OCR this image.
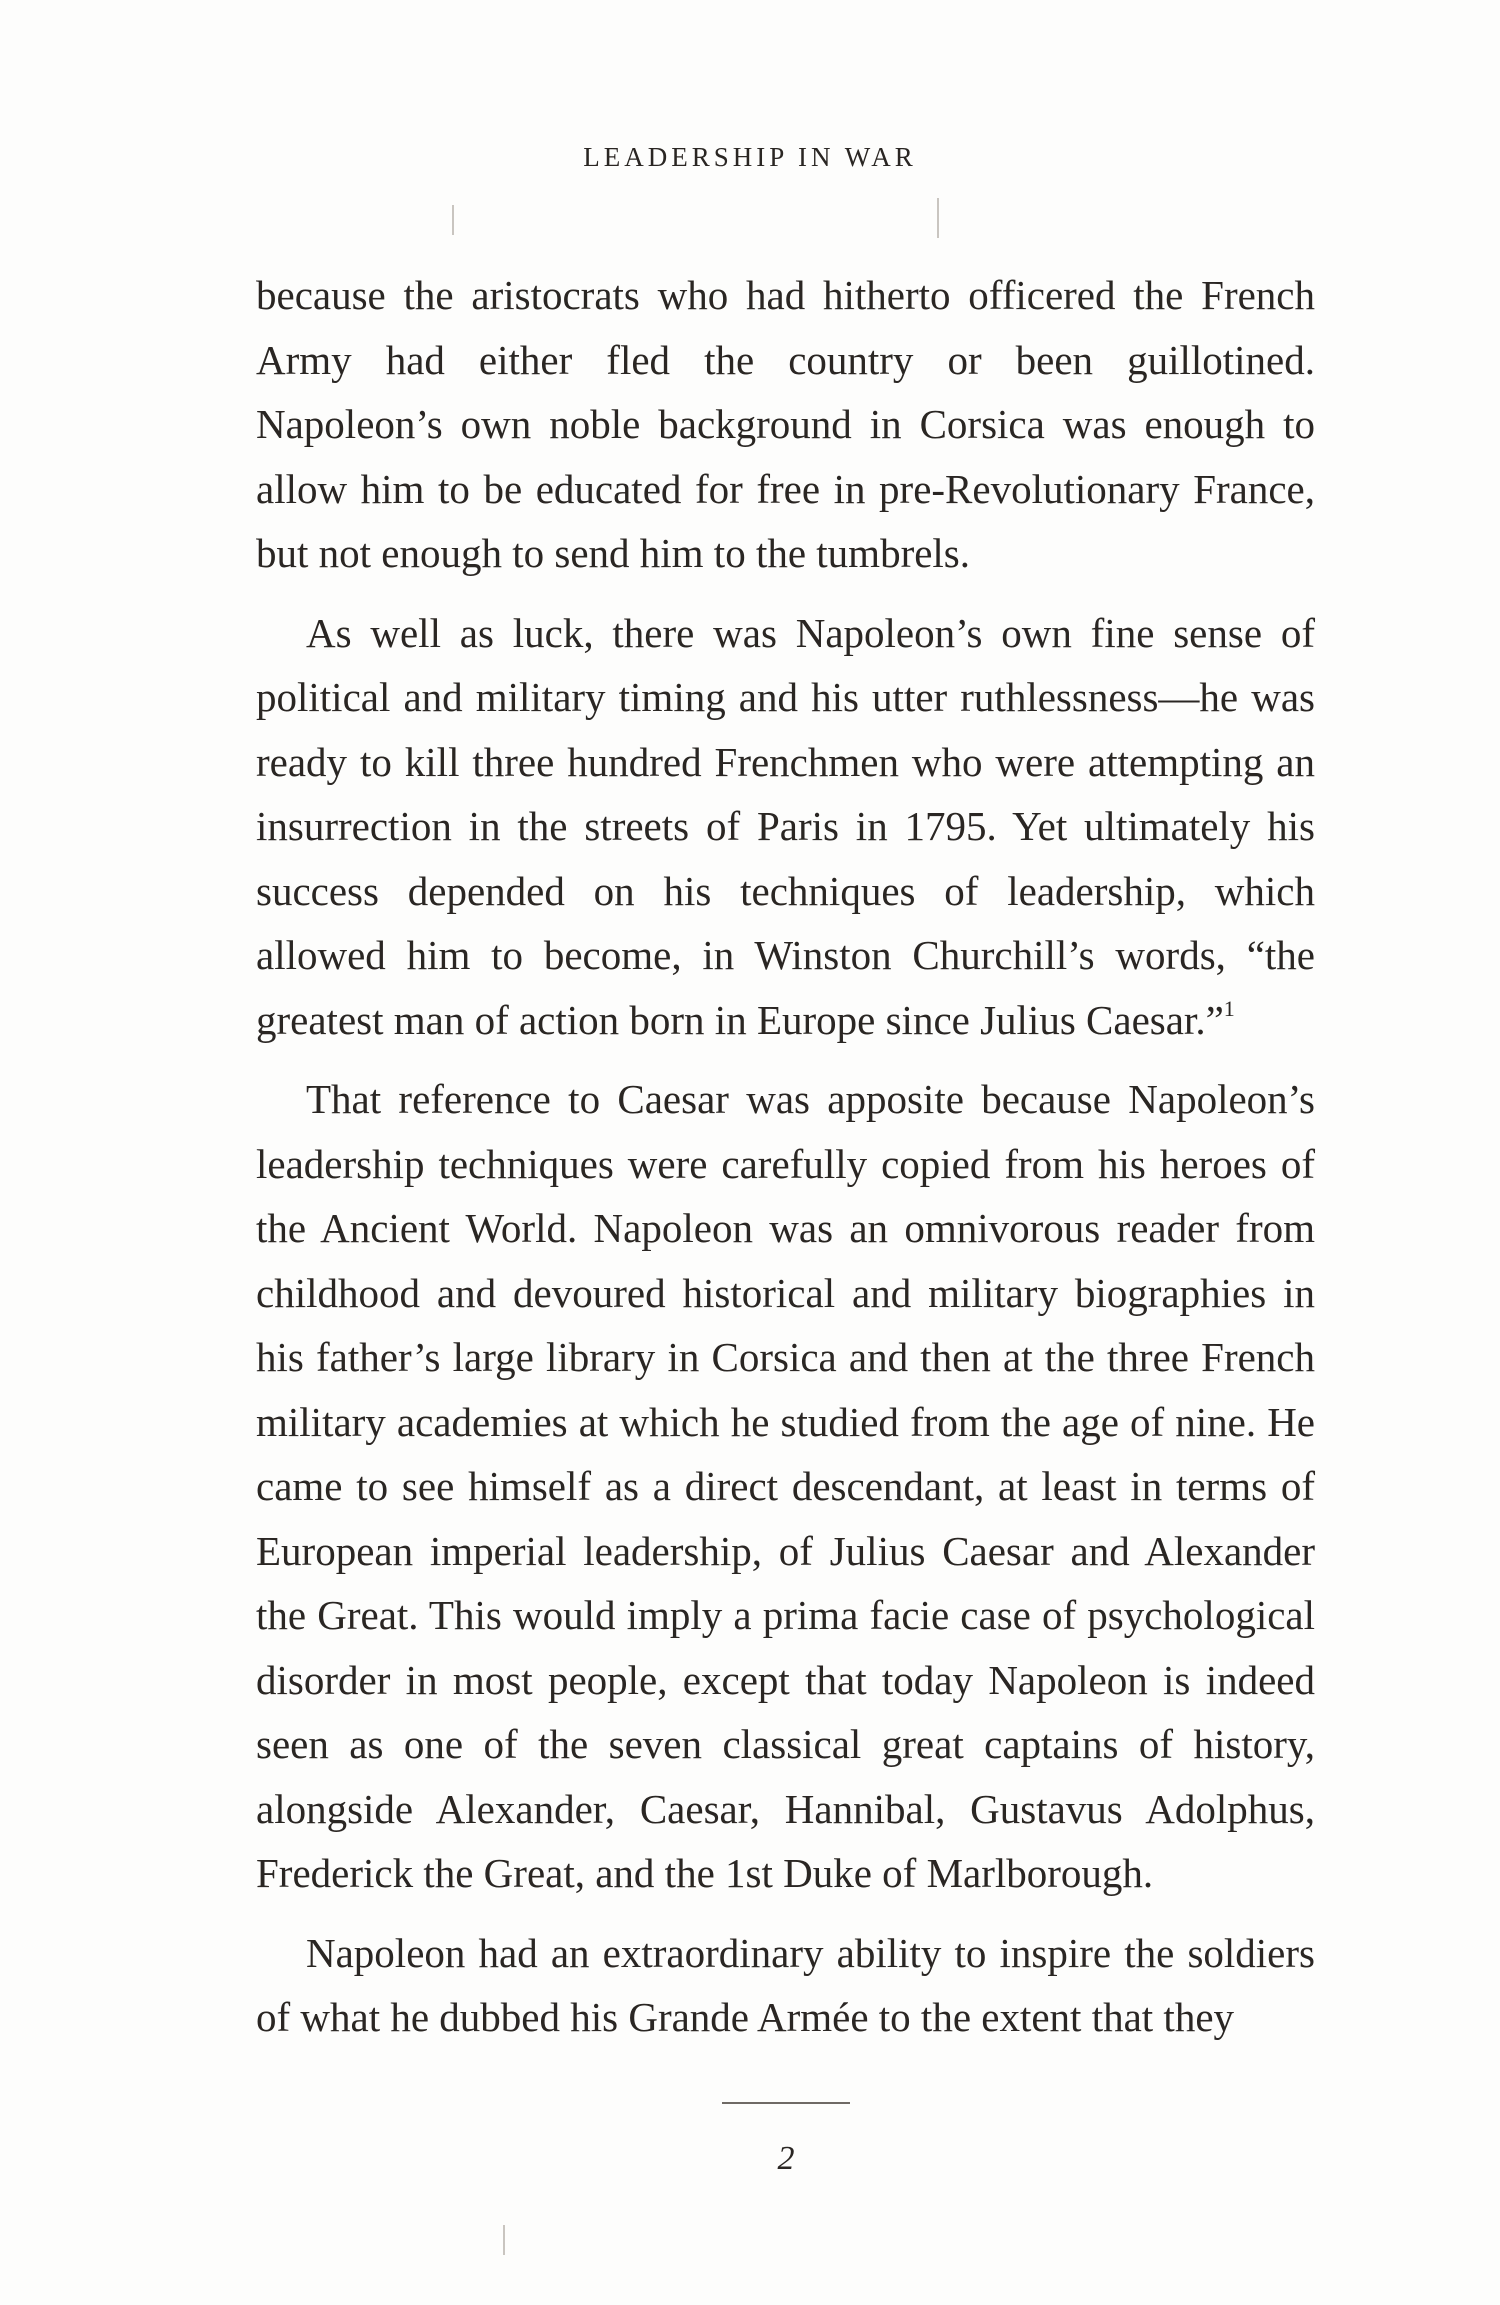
LEADERSHIP IN WAR

because the aristocrats who had hitherto officered the French Army had either fled the country or been guillotined. Napoleon’s own noble background in Corsica was enough to allow him to be educated for free in pre-Revolutionary France, but not enough to send him to the tumbrels.

As well as luck, there was Napoleon’s own fine sense of political and military timing and his utter ruthlessness—he was ready to kill three hundred Frenchmen who were attempting an insurrection in the streets of Paris in 1795. Yet ultimately his success depended on his techniques of leadership, which allowed him to become, in Winston Churchill’s words, “the greatest man of action born in Europe since Julius Caesar.”$^1$

That reference to Caesar was apposite because Napoleon’s leadership techniques were carefully copied from his heroes of the Ancient World. Napoleon was an omnivorous reader from childhood and devoured historical and military biographies in his father’s large library in Corsica and then at the three French military academies at which he studied from the age of nine. He came to see himself as a direct descendant, at least in terms of European imperial leadership, of Julius Caesar and Alexander the Great. This would imply a prima facie case of psychological disorder in most people, except that today Napoleon is indeed seen as one of the seven classical great captains of history, alongside Alexander, Caesar, Hannibal, Gustavus Adolphus, Frederick the Great, and the 1st Duke of Marlborough.

Napoleon had an extraordinary ability to inspire the soldiers of what he dubbed his Grande Armée to the extent that they

2
